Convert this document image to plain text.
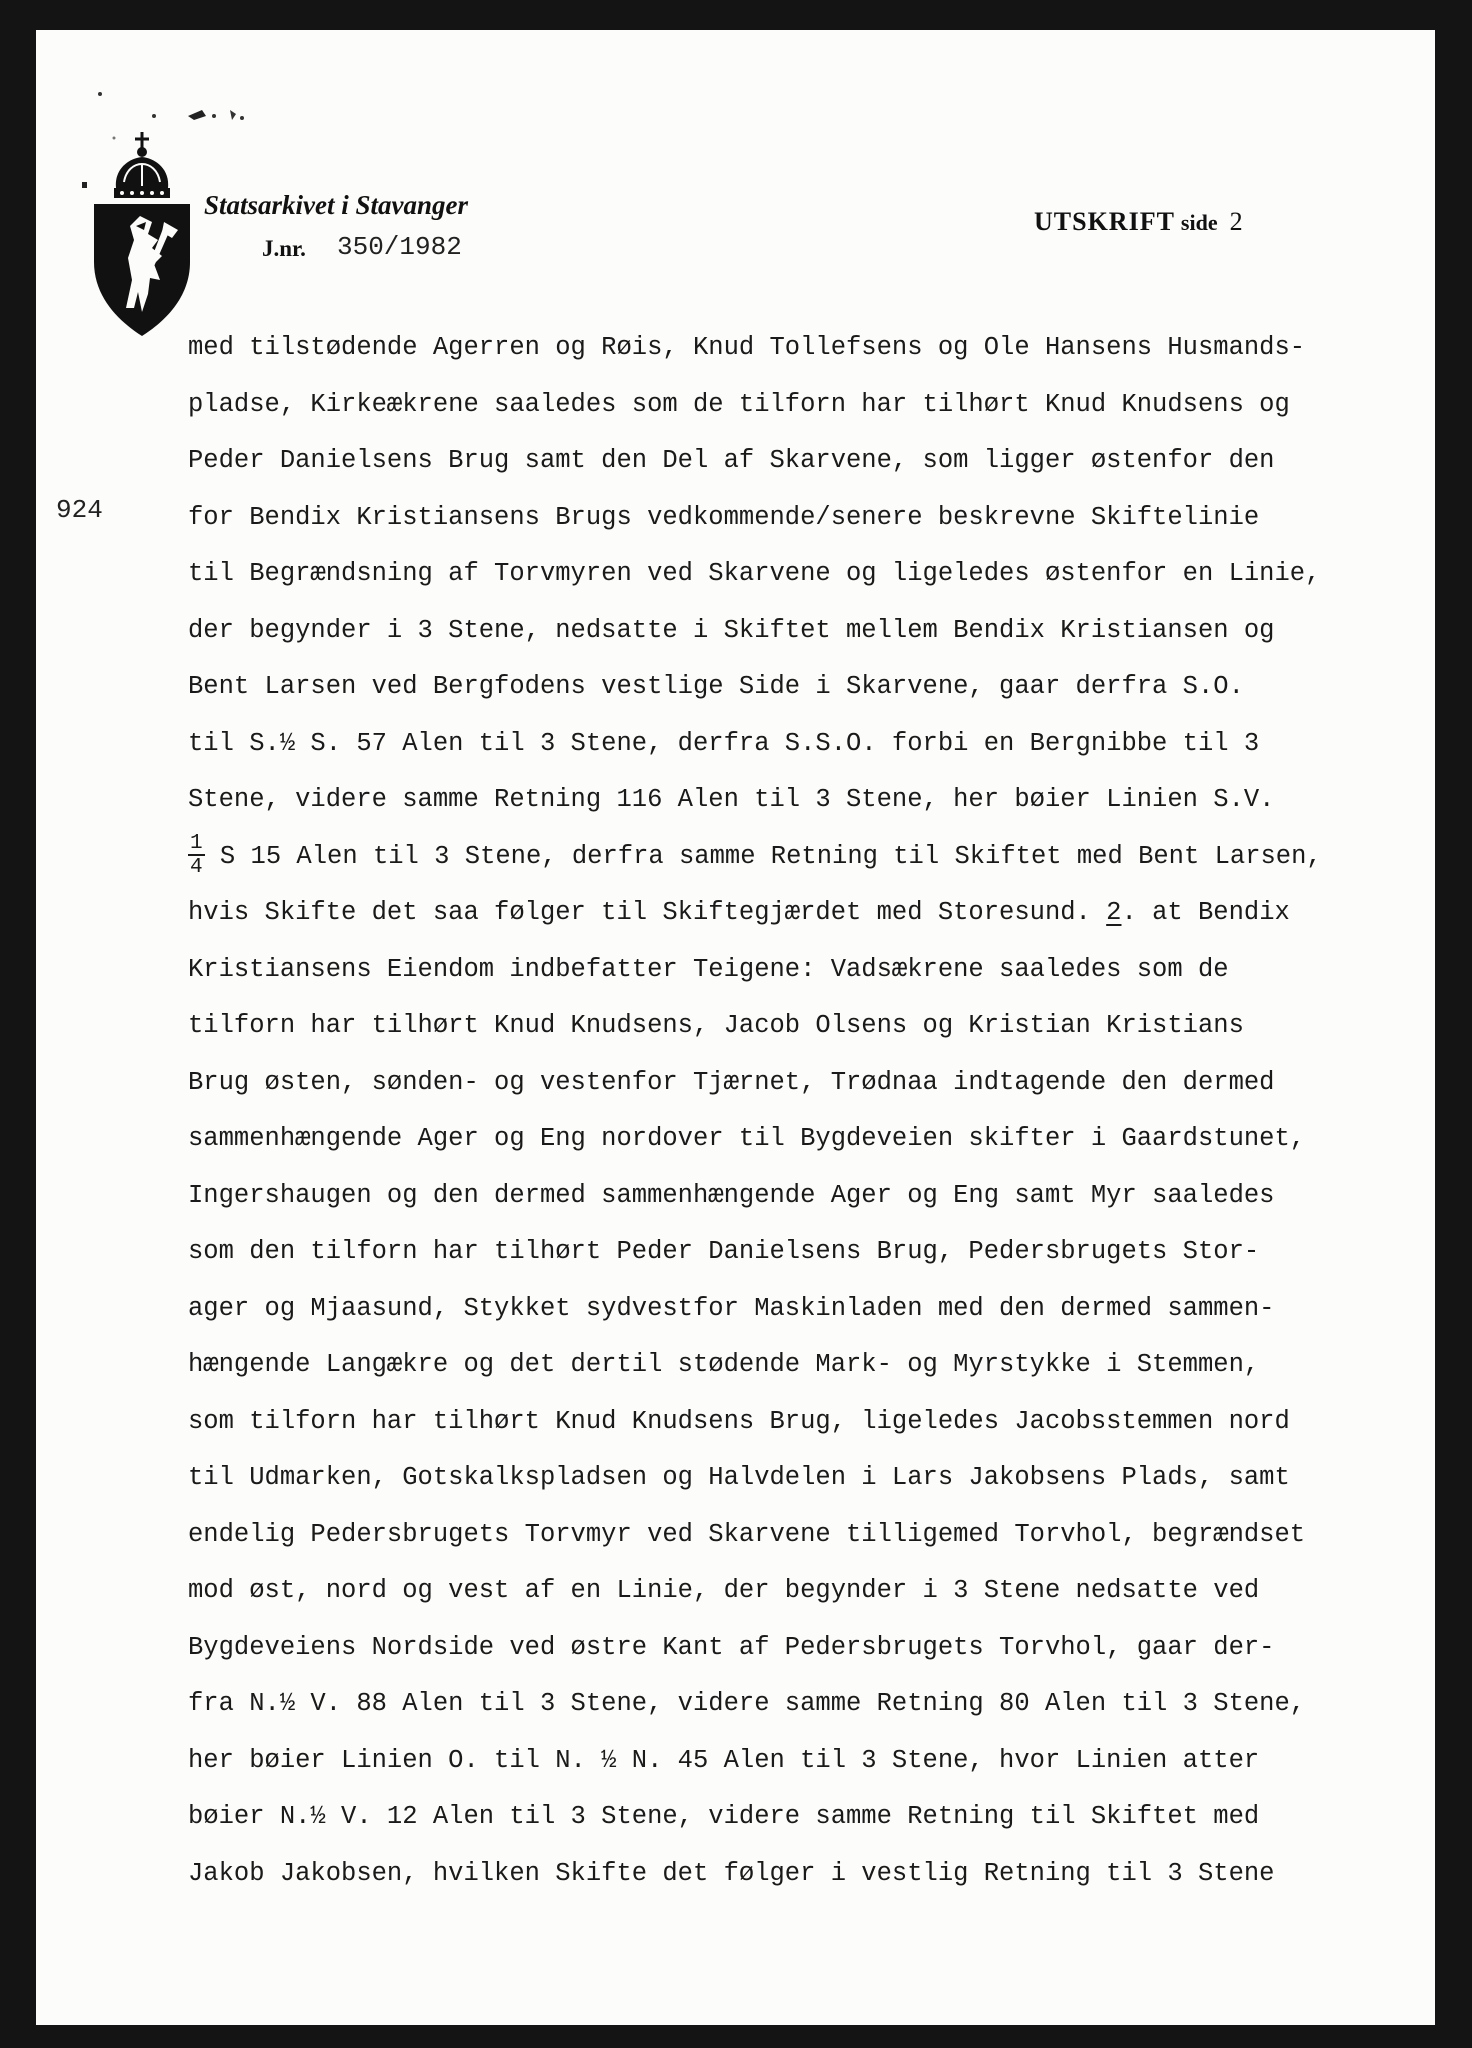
Statsarkivet i Stavanger
J.nr. 350/1982
UTSKRIFT side 2
924
med tilstødende Agerren og Røis, Knud Tollefsens og Ole Hansens Husmands-
pladse, Kirkeækrene saaledes som de tilforn har tilhørt Knud Knudsens og
Peder Danielsens Brug samt den Del af Skarvene, som ligger østenfor den
for Bendix Kristiansens Brugs vedkommende/senere beskrevne Skiftelinie
til Begrændsning af Torvmyren ved Skarvene og ligeledes østenfor en Linie,
der begynder i 3 Stene, nedsatte i Skiftet mellem Bendix Kristiansen og
Bent Larsen ved Bergfodens vestlige Side i Skarvene, gaar derfra S.O.
til S.½ S. 57 Alen til 3 Stene, derfra S.S.O. forbi en Bergnibbe til 3
Stene, videre samme Retning 116 Alen til 3 Stene, her bøier Linien S.V.
$\frac{1}{4}$ S 15 Alen til 3 Stene, derfra samme Retning til Skiftet med Bent Larsen,
hvis Skifte det saa følger til Skiftegjærdet med Storesund. 2. at Bendix
Kristiansens Eiendom indbefatter Teigene: Vadsækrene saaledes som de
tilforn har tilhørt Knud Knudsens, Jacob Olsens og Kristian Kristians
Brug østen, sønden- og vestenfor Tjærnet, Trødnaa indtagende den dermed
sammenhængende Ager og Eng nordover til Bygdeveien skifter i Gaardstunet,
Ingershaugen og den dermed sammenhængende Ager og Eng samt Myr saaledes
som den tilforn har tilhørt Peder Danielsens Brug, Pedersbrugets Stor-
ager og Mjaasund, Stykket sydvestfor Maskinladen med den dermed sammen-
hængende Langækre og det dertil stødende Mark- og Myrstykke i Stemmen,
som tilforn har tilhørt Knud Knudsens Brug, ligeledes Jacobsstemmen nord
til Udmarken, Gotskalkspladsen og Halvdelen i Lars Jakobsens Plads, samt
endelig Pedersbrugets Torvmyr ved Skarvene tilligemed Torvhol, begrændset
mod øst, nord og vest af en Linie, der begynder i 3 Stene nedsatte ved
Bygdeveiens Nordside ved østre Kant af Pedersbrugets Torvhol, gaar der-
fra N.½ V. 88 Alen til 3 Stene, videre samme Retning 80 Alen til 3 Stene,
her bøier Linien O. til N. ½ N. 45 Alen til 3 Stene, hvor Linien atter
bøier N.½ V. 12 Alen til 3 Stene, videre samme Retning til Skiftet med
Jakob Jakobsen, hvilken Skifte det følger i vestlig Retning til 3 Stene
